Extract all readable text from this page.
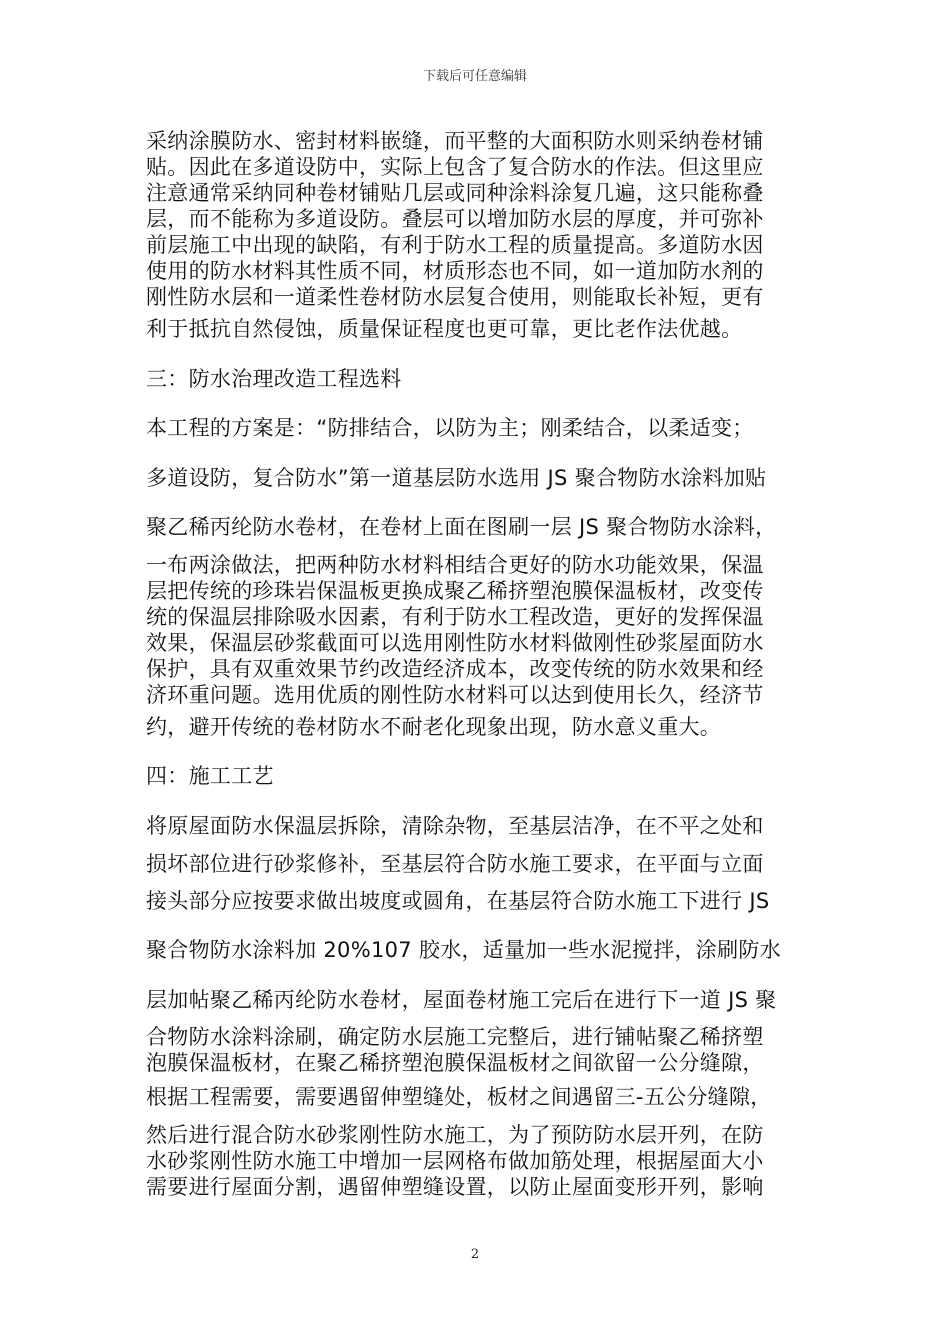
下载后可任意编辑
采纳涂膜防水、密封材料嵌缝，而平整的大面积防水则采纳卷材铺
贴。因此在多道设防中，实际上包含了复合防水的作法。但这里应
注意通常采纳同种卷材铺贴几层或同种涂料涂复几遍，这只能称叠
层，而不能称为多道设防。叠层可以增加防水层的厚度，并可弥补
前层施工中出现的缺陷，有利于防水工程的质量提高。多道防水因
使用的防水材料其性质不同，材质形态也不同，如一道加防水剂的
刚性防水层和一道柔性卷材防水层复合使用，则能取长补短，更有
利于抵抗自然侵蚀，质量保证程度也更可靠，更比老作法优越。
三：防水治理改造工程选料
本工程的方案是：“防排结合，以防为主；刚柔结合，以柔适变；
多道设防，复合防水”第一道基层防水选用 JS 聚合物防水涂料加贴
聚乙稀丙纶防水卷材，在卷材上面在图刷一层 JS 聚合物防水涂料，
一布两涂做法，把两种防水材料相结合更好的防水功能效果，保温
层把传统的珍珠岩保温板更换成聚乙稀挤塑泡膜保温板材，改变传
统的保温层排除吸水因素，有利于防水工程改造，更好的发挥保温
效果，保温层砂浆截面可以选用刚性防水材料做刚性砂浆屋面防水
保护，具有双重效果节约改造经济成本，改变传统的防水效果和经
济环重问题。选用优质的刚性防水材料可以达到使用长久，经济节
约，避开传统的卷材防水不耐老化现象出现，防水意义重大。
四：施工工艺
将原屋面防水保温层拆除，清除杂物，至基层洁净，在不平之处和
损坏部位进行砂浆修补，至基层符合防水施工要求，在平面与立面
接头部分应按要求做出坡度或圆角，在基层符合防水施工下进行 JS
聚合物防水涂料加 20%107 胶水，适量加一些水泥搅拌，涂刷防水
层加帖聚乙稀丙纶防水卷材，屋面卷材施工完后在进行下一道 JS 聚
合物防水涂料涂刷，确定防水层施工完整后，进行铺帖聚乙稀挤塑
泡膜保温板材，在聚乙稀挤塑泡膜保温板材之间欲留一公分缝隙，
根据工程需要，需要遇留伸塑缝处，板材之间遇留三-五公分缝隙，
然后进行混合防水砂浆刚性防水施工，为了预防防水层开列，在防
水砂浆刚性防水施工中增加一层网格布做加筋处理，根据屋面大小
需要进行屋面分割，遇留伸塑缝设置，以防止屋面变形开列，影响
2
